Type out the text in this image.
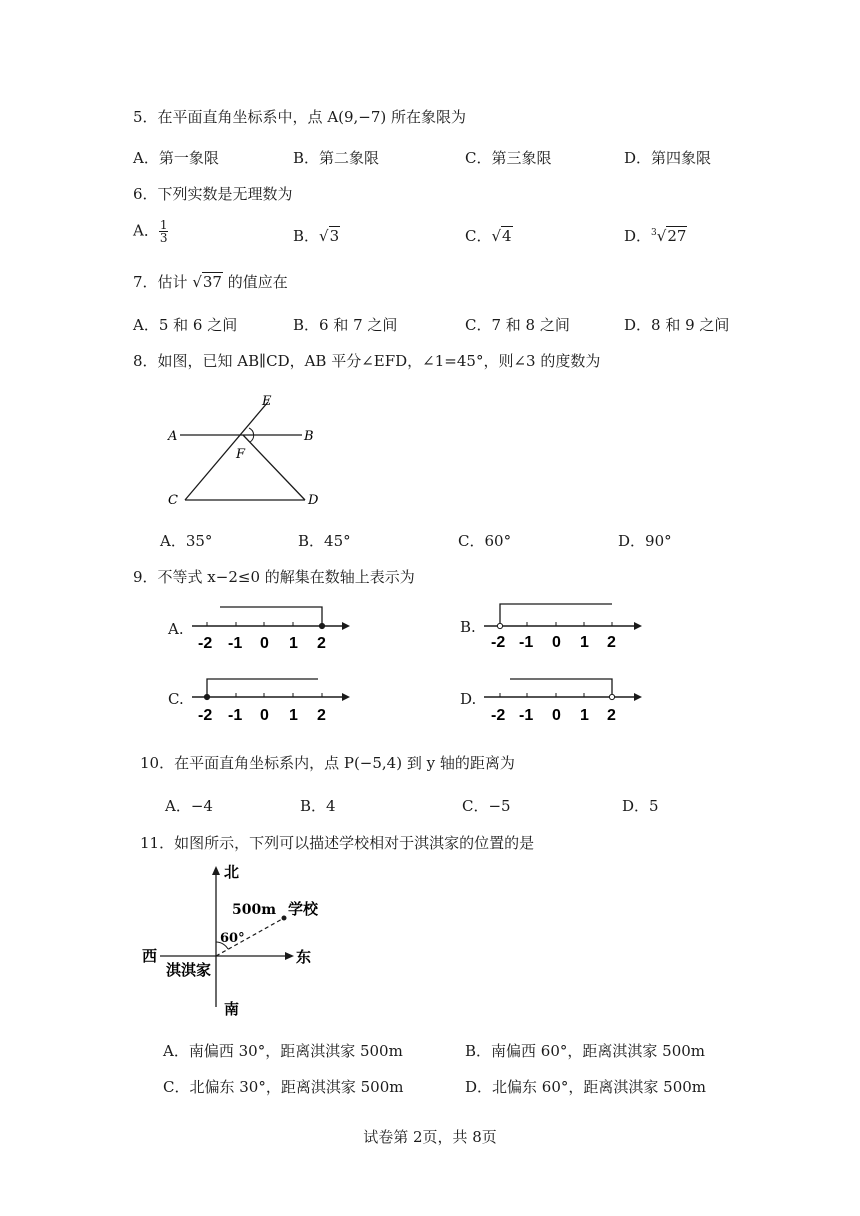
5．在平面直角坐标系中，点 A(9,−7) 所在象限为
A．第一象限	B．第二象限	C．第三象限	D．第四象限
6．下列实数是无理数为
A． $\frac{1}{3}$	B．√3	C．√4	D．$^3$√27
7．估计 √37 的值应在
A．5 和 6 之间	B．6 和 7 之间	C．7 和 8 之间	D．8 和 9 之间
8．如图，已知 AB∥CD，AB 平分∠EFD，∠1=45°，则∠3 的度数为
E
A	B
F
C	D
A．35°	B．45°	C．60°	D．90°
9．不等式 x−2≤0 的解集在数轴上表示为
A.
-2 -1 0 1 2
B.
-2 -1 0 1 2
C.
-2 -1 0 1 2
D.
-2 -1 0 1 2
10．在平面直角坐标系内，点 P(−5,4) 到 y 轴的距离为
A．−4	B．4	C．−5	D．5
11．如图所示，下列可以描述学校相对于淇淇家的位置的是
北
南
东
西
淇淇家
500m 学校
60°
A．南偏西 30°，距离淇淇家 500m	B．南偏西 60°，距离淇淇家 500m
C．北偏东 30°，距离淇淇家 500m	D．北偏东 60°，距离淇淇家 500m
试卷第 2页，共 8页
